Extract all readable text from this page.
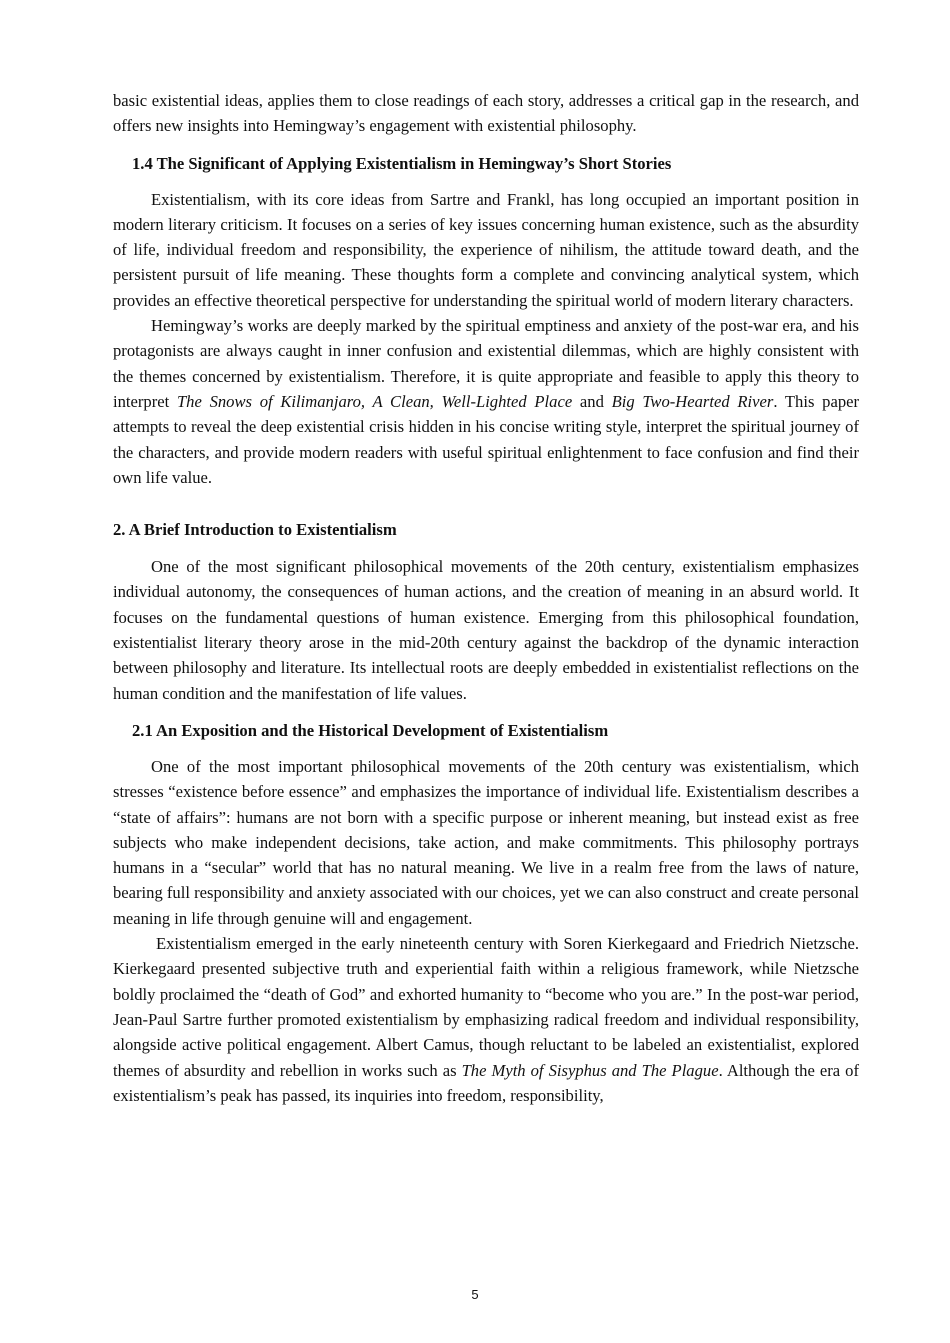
basic existential ideas, applies them to close readings of each story, addresses a critical gap in the research, and offers new insights into Hemingway’s engagement with existential philosophy.

1.4 The Significant of Applying Existentialism in Hemingway’s Short Stories

Existentialism, with its core ideas from Sartre and Frankl, has long occupied an important position in modern literary criticism. It focuses on a series of key issues concerning human existence, such as the absurdity of life, individual freedom and responsibility, the experience of nihilism, the attitude toward death, and the persistent pursuit of life meaning. These thoughts form a complete and convincing analytical system, which provides an effective theoretical perspective for understanding the spiritual world of modern literary characters.

Hemingway’s works are deeply marked by the spiritual emptiness and anxiety of the post-war era, and his protagonists are always caught in inner confusion and existential dilemmas, which are highly consistent with the themes concerned by existentialism. Therefore, it is quite appropriate and feasible to apply this theory to interpret The Snows of Kilimanjaro, A Clean, Well-Lighted Place and Big Two-Hearted River. This paper attempts to reveal the deep existential crisis hidden in his concise writing style, interpret the spiritual journey of the characters, and provide modern readers with useful spiritual enlightenment to face confusion and find their own life value.

2. A Brief Introduction to Existentialism

One of the most significant philosophical movements of the 20th century, existentialism emphasizes individual autonomy, the consequences of human actions, and the creation of meaning in an absurd world. It focuses on the fundamental questions of human existence. Emerging from this philosophical foundation, existentialist literary theory arose in the mid-20th century against the backdrop of the dynamic interaction between philosophy and literature. Its intellectual roots are deeply embedded in existentialist reflections on the human condition and the manifestation of life values.

2.1 An Exposition and the Historical Development of Existentialism

One of the most important philosophical movements of the 20th century was existentialism, which stresses “existence before essence” and emphasizes the importance of individual life. Existentialism describes a “state of affairs”: humans are not born with a specific purpose or inherent meaning, but instead exist as free subjects who make independent decisions, take action, and make commitments. This philosophy portrays humans in a “secular” world that has no natural meaning. We live in a realm free from the laws of nature, bearing full responsibility and anxiety associated with our choices, yet we can also construct and create personal meaning in life through genuine will and engagement.

Existentialism emerged in the early nineteenth century with Soren Kierkegaard and Friedrich Nietzsche. Kierkegaard presented subjective truth and experiential faith within a religious framework, while Nietzsche boldly proclaimed the “death of God” and exhorted humanity to “become who you are.” In the post-war period, Jean-Paul Sartre further promoted existentialism by emphasizing radical freedom and individual responsibility, alongside active political engagement. Albert Camus, though reluctant to be labeled an existentialist, explored themes of absurdity and rebellion in works such as The Myth of Sisyphus and The Plague. Although the era of existentialism’s peak has passed, its inquiries into freedom, responsibility,

5
